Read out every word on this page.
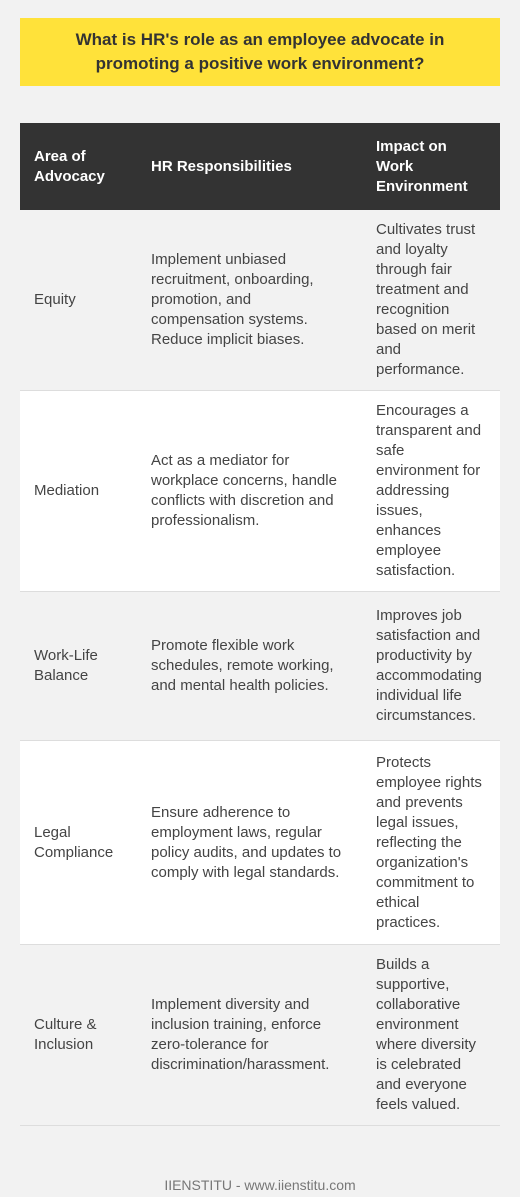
What is HR's role as an employee advocate in promoting a positive work environment?
Area of Advocacy	HR Responsibilities	Impact on Work Environment
Equity	Implement unbiased recruitment, onboarding, promotion, and compensation systems. Reduce implicit biases.	Cultivates trust and loyalty through fair treatment and recognition based on merit and performance.
Mediation	Act as a mediator for workplace concerns, handle conflicts with discretion and professionalism.	Encourages a transparent and safe environment for addressing issues, enhances employee satisfaction.
Work-Life Balance	Promote flexible work schedules, remote working, and mental health policies.	Improves job satisfaction and productivity by accommodating individual life circumstances.
Legal Compliance	Ensure adherence to employment laws, regular policy audits, and updates to comply with legal standards.	Protects employee rights and prevents legal issues, reflecting the organization's commitment to ethical practices.
Culture & Inclusion	Implement diversity and inclusion training, enforce zero-tolerance for discrimination/harassment.	Builds a supportive, collaborative environment where diversity is celebrated and everyone feels valued.
IIENSTITU - www.iienstitu.com
